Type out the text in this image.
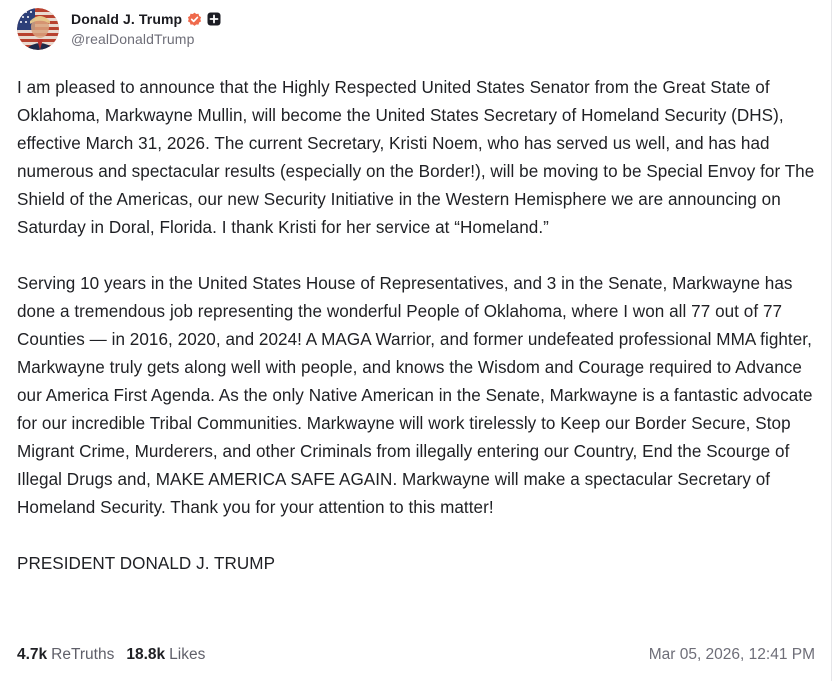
Donald J. Trump
@realDonaldTrump

I am pleased to announce that the Highly Respected United States Senator from the Great State of Oklahoma, Markwayne Mullin, will become the United States Secretary of Homeland Security (DHS), effective March 31, 2026. The current Secretary, Kristi Noem, who has served us well, and has had numerous and spectacular results (especially on the Border!), will be moving to be Special Envoy for The Shield of the Americas, our new Security Initiative in the Western Hemisphere we are announcing on Saturday in Doral, Florida. I thank Kristi for her service at “Homeland.”

Serving 10 years in the United States House of Representatives, and 3 in the Senate, Markwayne has done a tremendous job representing the wonderful People of Oklahoma, where I won all 77 out of 77 Counties — in 2016, 2020, and 2024! A MAGA Warrior, and former undefeated professional MMA fighter, Markwayne truly gets along well with people, and knows the Wisdom and Courage required to Advance our America First Agenda. As the only Native American in the Senate, Markwayne is a fantastic advocate for our incredible Tribal Communities. Markwayne will work tirelessly to Keep our Border Secure, Stop Migrant Crime, Murderers, and other Criminals from illegally entering our Country, End the Scourge of Illegal Drugs and, MAKE AMERICA SAFE AGAIN. Markwayne will make a spectacular Secretary of Homeland Security. Thank you for your attention to this matter!

PRESIDENT DONALD J. TRUMP

4.7k ReTruths 18.8k Likes	Mar 05, 2026, 12:41 PM
